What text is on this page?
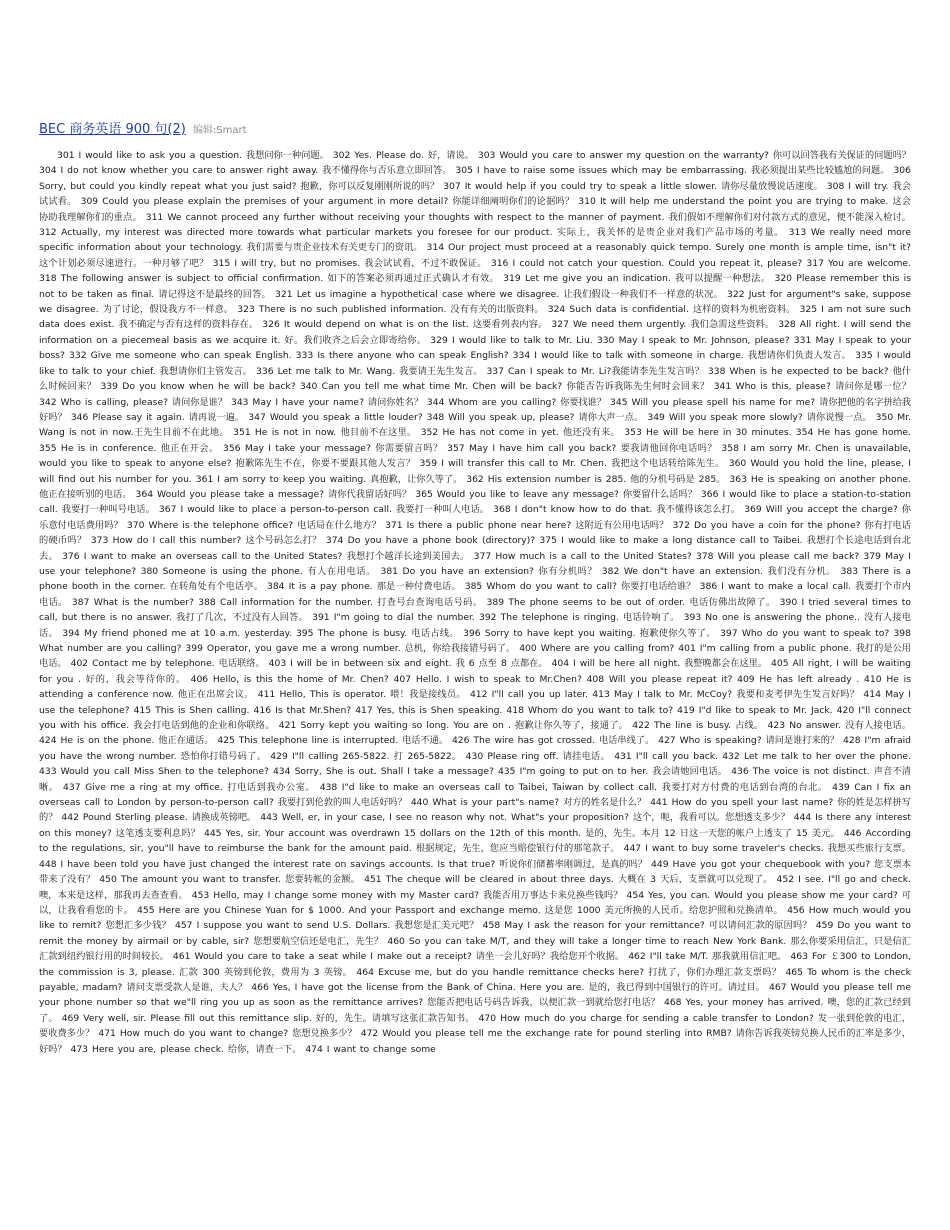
BEC 商务英语 900 句(2) 编辑:Smart
301 I would like to ask you a question. 我想问你一种问题。 302 Yes. Please do. 好，请说。 303 Would you care to answer my question on the warranty? 你可以回答我有关保证的问题吗？ 304 I do not know whether you care to answer right away. 我不懂得你与否乐意立即回答。 305 I have to raise some issues which may be embarrassing. 我必须提出某些比较尴尬的问题。 306 Sorry, but could you kindly repeat what you just said? 抱歉，你可以反复刚刚所说的吗？ 307 It would help if you could try to speak a little slower. 请你尽量放慢说话速度。 308 I will try. 我会试试看。 309 Could you please explain the premises of your argument in more detail? 你能详细阐明你们的论据吗？ 310 It will help me understand the point you are trying to make. 这会协助我理解你们的重点。 311 We cannot proceed any further without receiving your thoughts with respect to the manner of payment. 我们假如不理解你们对付款方式的意见，便不能深入检讨。 312 Actually, my interest was directed more towards what particular markets you foresee for our product. 实际上，我关怀的是贵企业对我们产品市场的考量。 313 We really need more specific information about your technology. 我们需要与贵企业技术有关更专门的资讯。 314 Our project must proceed at a reasonably quick tempo. Surely one month is ample time, isn"t it?这个计划必须尽速进行。一种月够了吧？ 315 I will try, but no promises. 我会试试看，不过不敢保证。 316 I could not catch your question. Could you repeat it, please? 317 You are welcome. 318 The following answer is subject to official confirmation. 如下的答案必须再通过正式确认才有效。 319 Let me give you an indication. 我可以提醒一种想法。 320 Please remember this is not to be taken as final. 请记得这不是最终的回答。 321 Let us imagine a hypothetical case where we disagree. 让我们假设一种我们不一样意的状况。 322 Just for argument"s sake, suppose we disagree. 为了讨论，假设我方不一样意。 323 There is no such published information. 没有有关的出版资料。 324 Such data is confidential. 这样的资料为机密资料。 325 I am not sure such data does exist. 我不确定与否有这样的资料存在。 326 It would depend on what is on the list. 这要看列表内容。 327 We need them urgently. 我们急需这些资料。 328 All right. I will send the information on a piecemeal basis as we acquire it. 好。我们收齐之后会立即寄给你。 329 I would like to talk to Mr. Liu. 330 May I speak to Mr. Johnson, please? 331 May I speak to your boss? 332 Give me someone who can speak English. 333 Is there anyone who can speak English? 334 I would like to talk with someone in charge. 我想请你们负责人发言。 335 I would like to talk to your chief. 我想请你们主管发言。 336 Let me talk to Mr. Wang. 我要请王先生发言。 337 Can I speak to Mr. Li?我能请李先生发言吗？ 338 When is he expected to be back? 他什么时候回来？ 339 Do you know when he will be back? 340 Can you tell me what time Mr. Chen will be back? 你能否告诉我陈先生何时会回来？ 341 Who is this, please? 请问你是哪一位？ 342 Who is calling, please? 请问你是谁？ 343 May I have your name? 请问你姓名？ 344 Whom are you calling? 你要找谁？ 345 Will you please spell his name for me? 请你把他的名字拼给我好吗？ 346 Please say it again. 请再说一遍。 347 Would you speak a little louder? 348 Will you speak up, please? 请你大声一点。 349 Will you speak more slowly? 请你说慢一点。 350 Mr. Wang is not in now.王先生目前不在此地。 351 He is not in now. 他目前不在这里。 352 He has not come in yet. 他还没有来。 353 He will be here in 30 minutes. 354 He has gone home. 355 He is in conference. 他正在开会。 356 May I take your message? 你需要留言吗？ 357 May I have him call you back? 要我请他回你电话吗？ 358 I am sorry Mr. Chen is unavailable, would you like to speak to anyone else? 抱歉陈先生不在，你要不要跟其他人发言？ 359 I will transfer this call to Mr. Chen. 我把这个电话转给陈先生。 360 Would you hold the line, please, I will find out his number for you. 361 I am sorry to keep you waiting. 真抱歉，让你久等了。 362 His extension number is 285. 他的分机号码是 285。 363 He is speaking on another phone. 他正在接听别的电话。 364 Would you please take a message? 请你代我留话好吗？ 365 Would you like to leave any message? 你要留什么话吗？ 366 I would like to place a station-to-station call. 我要打一种叫号电话。 367 I would like to place a person-to-person call. 我要打一种叫人电话。 368 I don"t know how to do that. 我不懂得该怎么打。 369 Will you accept the charge? 你乐意付电话费用吗？ 370 Where is the telephone office? 电话局在什么地方？ 371 Is there a public phone near here? 这附近有公用电话吗？ 372 Do you have a coin for the phone? 你有打电话的硬币吗？ 373 How do I call this number? 这个号码怎么打？ 374 Do you have a phone book (directory)? 375 I would like to make a long distance call to Taibei. 我想打个长途电话到台北去。 376 I want to make an overseas call to the United States? 我想打个越洋长途到美国去。 377 How much is a call to the United States? 378 Will you please call me back? 379 May I use your telephone? 380 Someone is using the phone. 有人在用电话。 381 Do you have an extension? 你有分机吗？ 382 We don"t have an extension. 我们没有分机。 383 There is a phone booth in the corner. 在转角处有个电话亭。 384 It is a pay phone. 那是一种付费电话。 385 Whom do you want to call? 你要打电话给谁？ 386 I want to make a local call. 我要打个市内电话。 387 What is the number? 388 Call information for the number. 打查号台查询电话号码。 389 The phone seems to be out of order. 电话仿佛出故障了。 390 I tried several times to call, but there is no answer. 我打了几次，不过没有人回答。 391 I"m going to dial the number. 392 The telephone is ringing. 电话铃响了。 393 No one is answering the phone.. 没有人接电话。 394 My friend phoned me at 10 a.m. yesterday. 395 The phone is busy. 电话占线。 396 Sorry to have kept you waiting. 抱歉使你久等了。 397 Who do you want to speak to? 398 What number are you calling? 399 Operator, you gave me a wrong number. 总机，你给我接错号码了。 400 Where are you calling from? 401 I"m calling from a public phone. 我打的是公用电话。 402 Contact me by telephone. 电话联络。 403 I will be in between six and eight. 我 6 点至 8 点都在。 404 I will be here all night. 我整晚都会在这里。 405 All right, I will be waiting for you . 好的，我会等待你的。 406 Hello, is this the home of Mr. Chen? 407 Hello. I wish to speak to Mr.Chen? 408 Will you please repeat it? 409 He has left already . 410 He is attending a conference now. 他正在出席会议。 411 Hello, This is operator. 喂！我是接线员。 412 I"ll call you up later. 413 May I talk to Mr. McCoy? 我要和麦考伊先生发言好吗？ 414 May I use the telephone? 415 This is Shen calling. 416 Is that Mr.Shen? 417 Yes, this is Shen speaking. 418 Whom do you want to talk to? 419 I"d like to speak to Mr. Jack. 420 I"ll connect you with his office. 我会打电话到他的企业和你联络。 421 Sorry kept you waiting so long. You are on . 抱歉让你久等了，接通了。 422 The line is busy. 占线。 423 No answer. 没有人接电话。 424 He is on the phone. 他正在通话。 425 This telephone line is interrupted. 电话不通。 426 The wire has got crossed. 电话串线了。 427 Who is speaking? 请问是谁打来的？ 428 I"m afraid you have the wrong number. 恐怕你打错号码了。 429 I"ll calling 265-5822. 打 265-5822。 430 Please ring off. 请挂电话。 431 I"ll call you back. 432 Let me talk to her over the phone. 433 Would you call Miss Shen to the telephone? 434 Sorry, She is out. Shall I take a message? 435 I"m going to put on to her. 我会请她回电话。 436 The voice is not distinct. 声音不清晰。 437 Give me a ring at my office. 打电话到我办公室。 438 I"d like to make an overseas call to Taibei, Taiwan by collect call. 我要打对方付费的电话到台湾的台北。 439 Can I fix an overseas call to London by person-to-person call? 我要打到伦敦的叫人电话好吗？ 440 What is your part"s name? 对方的姓名是什么？ 441 How do you spell your last name? 你的姓是怎样拼写的？ 442 Pound Sterling please. 请换成英镑吧。 443 Well, er, in your case, I see no reason why not. What"s your proposition? 这个，呃，我看可以。您想透支多少？ 444 Is there any interest on this money? 这笔透支要利息吗？ 445 Yes, sir. Your account was overdrawn 15 dollars on the 12th of this month. 是的，先生。本月 12 日这一天您的帐户上透支了 15 美元。 446 According to the regulations, sir, you"ll have to reimburse the bank for the amount paid. 根据规定，先生，您应当赔偿银行付的那笔款子。 447 I want to buy some traveler's checks. 我想买些旅行支票。 448 I have been told you have just changed the interest rate on savings accounts. Is that true? 听说你们储蓄率刚调过，是真的吗？ 449 Have you got your chequebook with you? 您支票本带来了没有？ 450 The amount you want to transfer. 您要转帐的金额。 451 The cheque will be cleared in about three days. 大概在 3 天后，支票就可以兑现了。 452 I see. I"ll go and check. 噢，本来是这样，那我再去查查看。 453 Hello, may I change some money with my Master card? 我能否用万事达卡来兑换些钱吗？ 454 Yes, you can. Would you please show me your card? 可以，让我看看您的卡。 455 Here are you Chinese Yuan for $ 1000. And your Passport and exchange memo. 这是您 1000 美元所换的人民币。给您护照和兑换清单。 456 How much would you like to remit? 您想汇多少钱？ 457 I suppose you want to send U.S. Dollars. 我想您是汇美元吧？ 458 May I ask the reason for your remittance? 可以请问汇款的原因吗？ 459 Do you want to remit the money by airmail or by cable, sir? 您想要航空信还是电汇，先生？ 460 So you can take M/T, and they will take a longer time to reach New York Bank. 那么你要采用信汇，只是信汇汇款到纽约银行用的时间较长。 461 Would you care to take a seat while I make out a receipt? 请坐一会儿好吗？我给您开个收据。 462 I"ll take M/T. 那我就用信汇吧。 463 For ￡300 to London, the commission is 3, please. 汇款 300 英镑到伦敦，费用为 3 英镑。 464 Excuse me, but do you handle remittance checks here? 打扰了，你们办理汇款支票吗？ 465 To whom is the check payable, madam? 请问支票受款人是谁，夫人？ 466 Yes, I have got the license from the Bank of China. Here you are. 是的，我已得到中国银行的许可。请过目。 467 Would you please tell me your phone number so that we"ll ring you up as soon as the remittance arrives? 您能否把电话号码告诉我，以便汇款一到就给您打电话？ 468 Yes, your money has arrived. 噢，您的汇款已经到了。 469 Very well, sir. Please fill out this remittance slip. 好的，先生。请填写这张汇款告知书。 470 How much do you charge for sending a cable transfer to London? 发一张到伦敦的电汇，要收费多少？ 471 How much do you want to change? 您想兑换多少？ 472 Would you please tell me the exchange rate for pound sterling into RMB? 请你告诉我英镑兑换人民币的汇率是多少，好吗？ 473 Here you are, please check. 给你，请查一下。 474 I want to change some
